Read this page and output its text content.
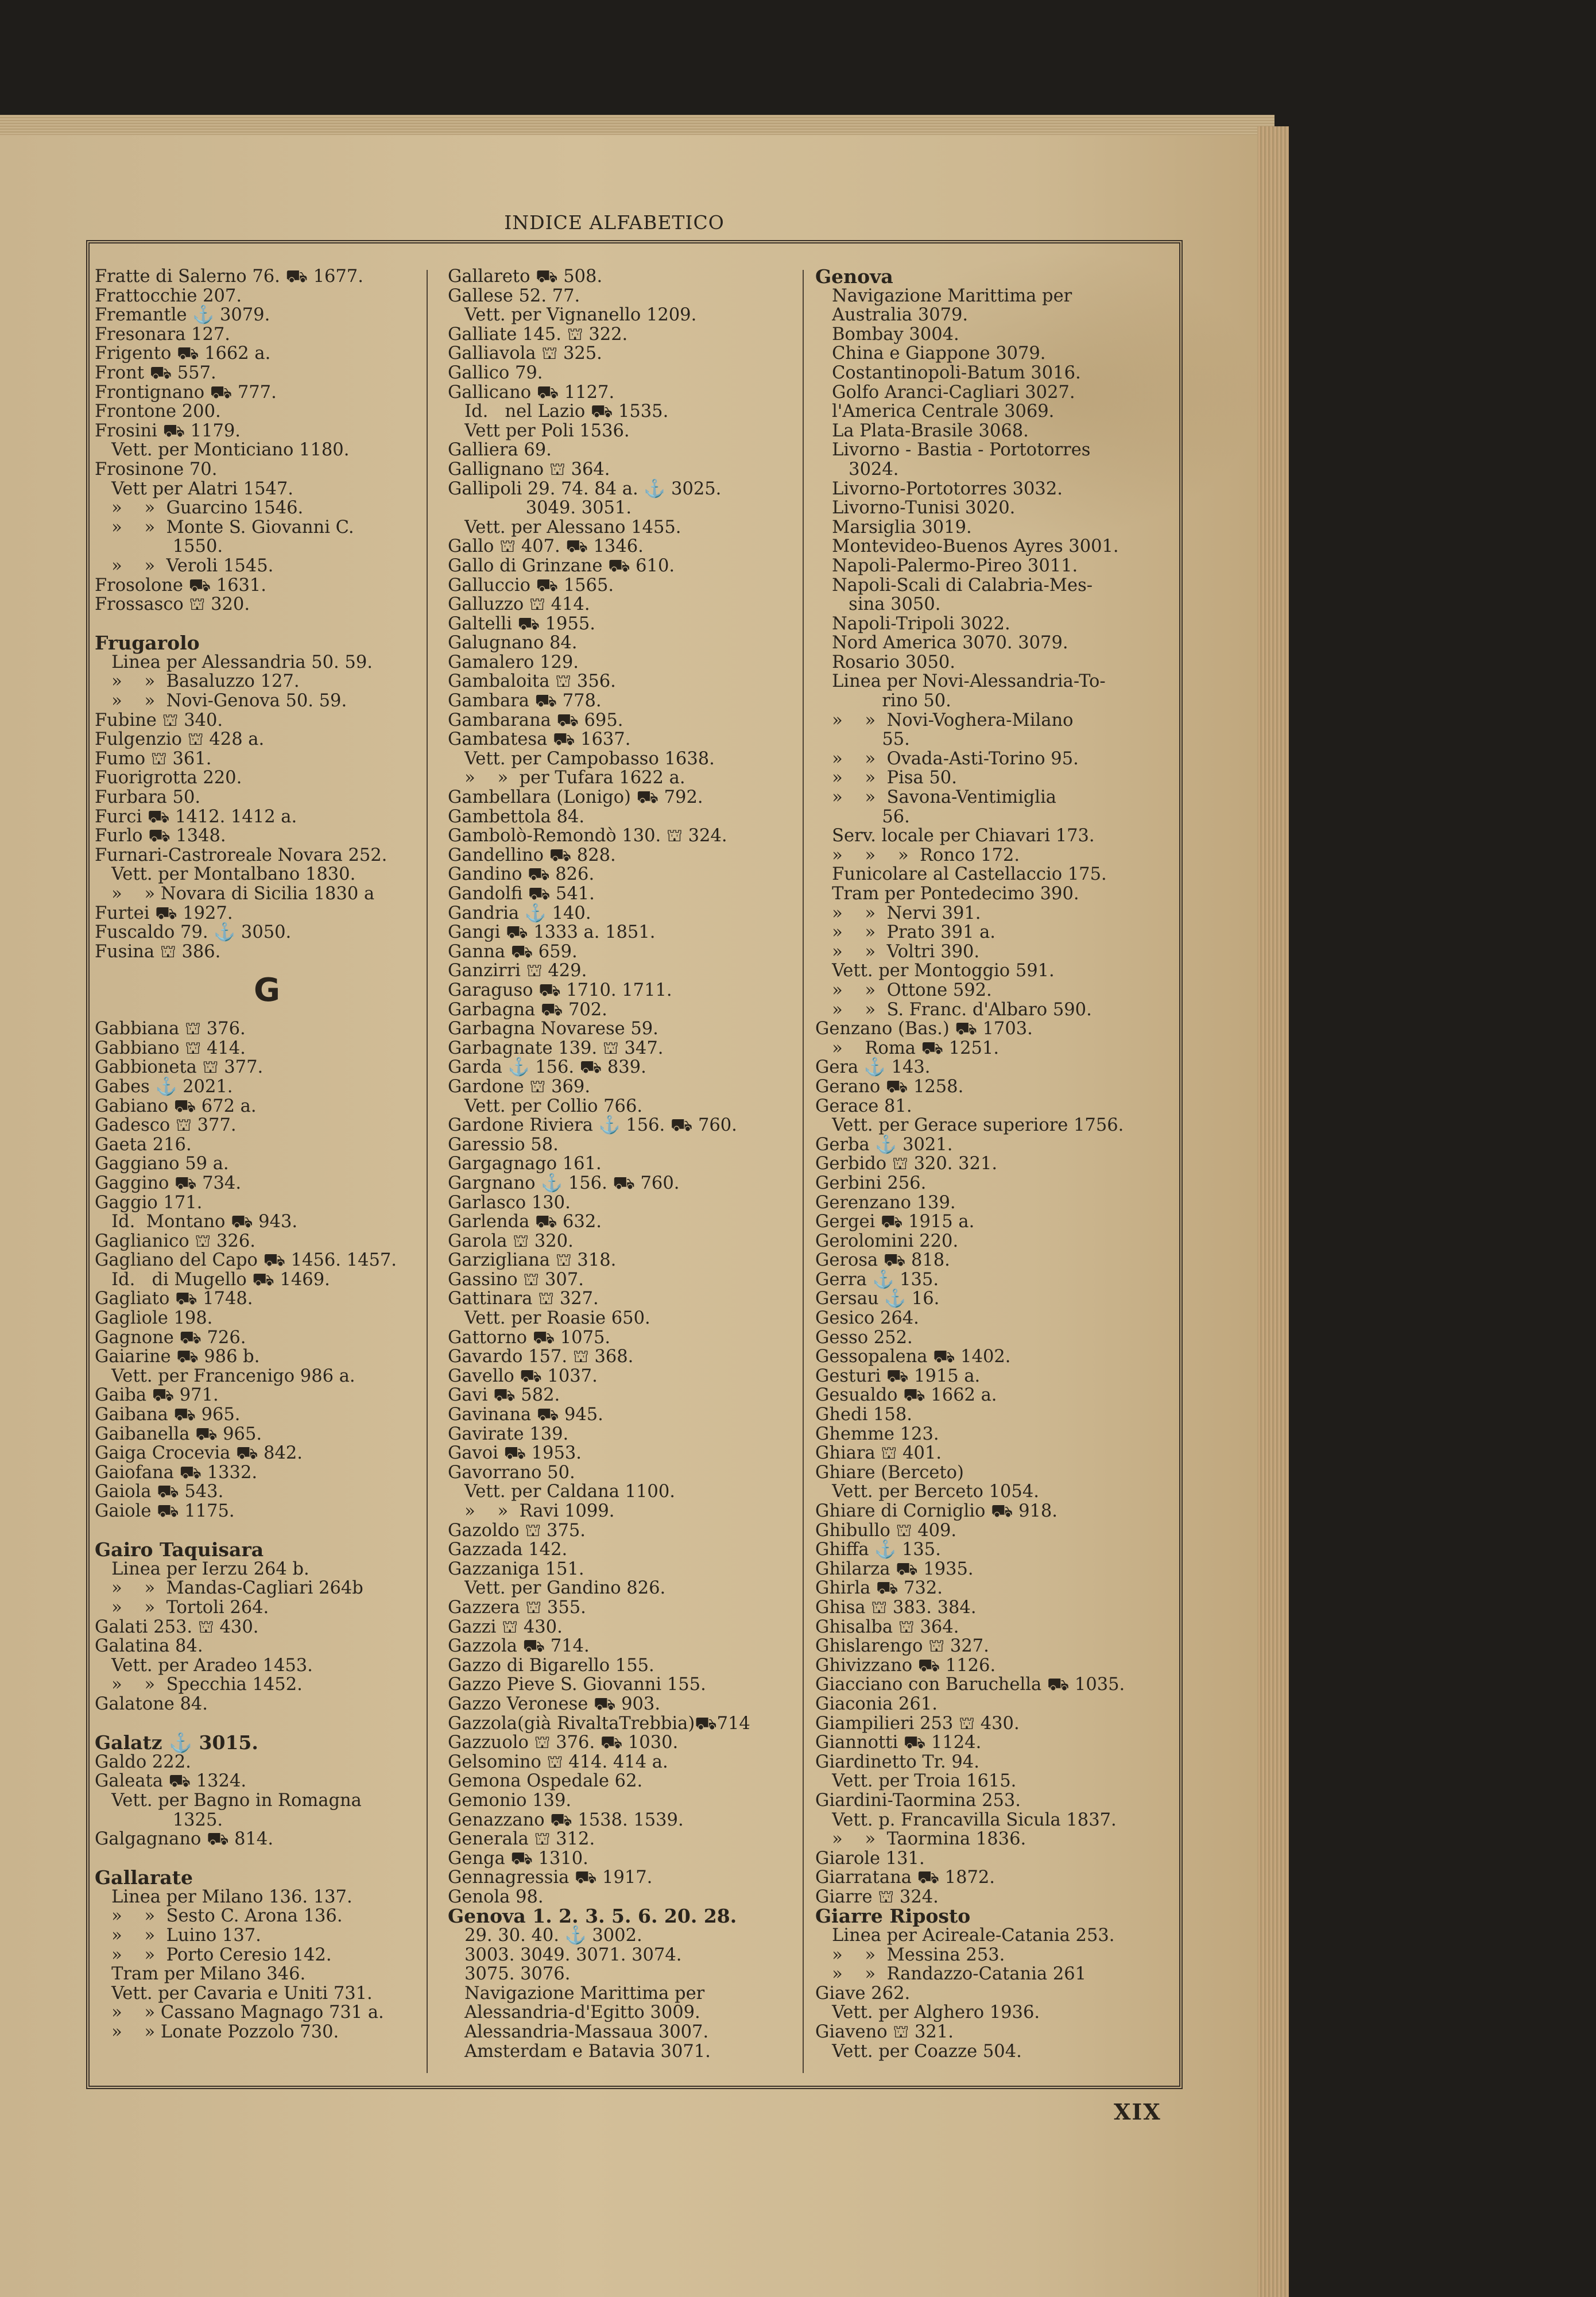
INDICE ALFABETICO
Fratte di Salerno 76. ⛟ 1677.
Frattocchie 207.
Fremantle ⚓ 3079.
Fresonara 127.
Frigento ⛟ 1662 a.
Front ⛟ 557.
Frontignano ⛟ 777.
Frontone 200.
Frosini ⛟ 1179.
Vett. per Monticiano 1180.
Frosinone 70.
Vett per Alatri 1547.
»    »  Guarcino 1546.
»    »  Monte S. Giovanni C.
1550.
»    »  Veroli 1545.
Frosolone ⛟ 1631.
Frossasco ⛫ 320.
Frugarolo
Linea per Alessandria 50. 59.
»    »  Basaluzzo 127.
»    »  Novi-Genova 50. 59.
Fubine ⛫ 340.
Fulgenzio ⛫ 428 a.
Fumo ⛫ 361.
Fuorigrotta 220.
Furbara 50.
Furci ⛟ 1412. 1412 a.
Furlo ⛟ 1348.
Furnari-Castroreale Novara 252.
Vett. per Montalbano 1830.
»    » Novara di Sicilia 1830 a
Furtei ⛟ 1927.
Fuscaldo 79. ⚓ 3050.
Fusina ⛫ 386.
G
Gabbiana ⛫ 376.
Gabbiano ⛫ 414.
Gabbioneta ⛫ 377.
Gabes ⚓ 2021.
Gabiano ⛟ 672 a.
Gadesco ⛫ 377.
Gaeta 216.
Gaggiano 59 a.
Gaggino ⛟ 734.
Gaggio 171.
Id.  Montano ⛟ 943.
Gaglianico ⛫ 326.
Gagliano del Capo ⛟ 1456. 1457.
Id.   di Mugello ⛟ 1469.
Gagliato ⛟ 1748.
Gagliole 198.
Gagnone ⛟ 726.
Gaiarine ⛟ 986 b.
Vett. per Francenigo 986 a.
Gaiba ⛟ 971.
Gaibana ⛟ 965.
Gaibanella ⛟ 965.
Gaiga Crocevia ⛟ 842.
Gaiofana ⛟ 1332.
Gaiola ⛟ 543.
Gaiole ⛟ 1175.
Gairo Taquisara
Linea per Ierzu 264 b.
»    »  Mandas-Cagliari 264b
»    »  Tortoli 264.
Galati 253. ⛫ 430.
Galatina 84.
Vett. per Aradeo 1453.
»    »  Specchia 1452.
Galatone 84.
Galatz ⚓ 3015.
Galdo 222.
Galeata ⛟ 1324.
Vett. per Bagno in Romagna
1325.
Galgagnano ⛟ 814.
Gallarate
Linea per Milano 136. 137.
»    »  Sesto C. Arona 136.
»    »  Luino 137.
»    »  Porto Ceresio 142.
Tram per Milano 346.
Vett. per Cavaria e Uniti 731.
»    » Cassano Magnago 731 a.
»    » Lonate Pozzolo 730.
Gallareto ⛟ 508.
Gallese 52. 77.
Vett. per Vignanello 1209.
Galliate 145. ⛫ 322.
Galliavola ⛫ 325.
Gallico 79.
Gallicano ⛟ 1127.
Id.   nel Lazio ⛟ 1535.
Vett per Poli 1536.
Galliera 69.
Gallignano ⛫ 364.
Gallipoli 29. 74. 84 a. ⚓ 3025.
3049. 3051.
Vett. per Alessano 1455.
Gallo ⛫ 407. ⛟ 1346.
Gallo di Grinzane ⛟ 610.
Galluccio ⛟ 1565.
Galluzzo ⛫ 414.
Galtelli ⛟ 1955.
Galugnano 84.
Gamalero 129.
Gambaloita ⛫ 356.
Gambara ⛟ 778.
Gambarana ⛟ 695.
Gambatesa ⛟ 1637.
Vett. per Campobasso 1638.
»    »  per Tufara 1622 a.
Gambellara (Lonigo) ⛟ 792.
Gambettola 84.
Gambolò-Remondò 130. ⛫ 324.
Gandellino ⛟ 828.
Gandino ⛟ 826.
Gandolfi ⛟ 541.
Gandria ⚓ 140.
Gangi ⛟ 1333 a. 1851.
Ganna ⛟ 659.
Ganzirri ⛫ 429.
Garaguso ⛟ 1710. 1711.
Garbagna ⛟ 702.
Garbagna Novarese 59.
Garbagnate 139. ⛫ 347.
Garda ⚓ 156. ⛟ 839.
Gardone ⛫ 369.
Vett. per Collio 766.
Gardone Riviera ⚓ 156. ⛟ 760.
Garessio 58.
Gargagnago 161.
Gargnano ⚓ 156. ⛟ 760.
Garlasco 130.
Garlenda ⛟ 632.
Garola ⛫ 320.
Garzigliana ⛫ 318.
Gassino ⛫ 307.
Gattinara ⛫ 327.
Vett. per Roasie 650.
Gattorno ⛟ 1075.
Gavardo 157. ⛫ 368.
Gavello ⛟ 1037.
Gavi ⛟ 582.
Gavinana ⛟ 945.
Gavirate 139.
Gavoi ⛟ 1953.
Gavorrano 50.
Vett. per Caldana 1100.
»    »  Ravi 1099.
Gazoldo ⛫ 375.
Gazzada 142.
Gazzaniga 151.
Vett. per Gandino 826.
Gazzera ⛫ 355.
Gazzi ⛫ 430.
Gazzola ⛟ 714.
Gazzo di Bigarello 155.
Gazzo Pieve S. Giovanni 155.
Gazzo Veronese ⛟ 903.
Gazzola(già RivaltaTrebbia)⛟714
Gazzuolo ⛫ 376. ⛟ 1030.
Gelsomino ⛫ 414. 414 a.
Gemona Ospedale 62.
Gemonio 139.
Genazzano ⛟ 1538. 1539.
Generala ⛫ 312.
Genga ⛟ 1310.
Gennagressia ⛟ 1917.
Genola 98.
Genova 1. 2. 3. 5. 6. 20. 28.
29. 30. 40. ⚓ 3002.
3003. 3049. 3071. 3074.
3075. 3076.
Navigazione Marittima per
Alessandria-d'Egitto 3009.
Alessandria-Massaua 3007.
Amsterdam e Batavia 3071.
Genova
Navigazione Marittima per
Australia 3079.
Bombay 3004.
China e Giappone 3079.
Costantinopoli-Batum 3016.
Golfo Aranci-Cagliari 3027.
l'America Centrale 3069.
La Plata-Brasile 3068.
Livorno - Bastia - Portotorres
3024.
Livorno-Portotorres 3032.
Livorno-Tunisi 3020.
Marsiglia 3019.
Montevideo-Buenos Ayres 3001.
Napoli-Palermo-Pireo 3011.
Napoli-Scali di Calabria-Mes-
sina 3050.
Napoli-Tripoli 3022.
Nord America 3070. 3079.
Rosario 3050.
Linea per Novi-Alessandria-To-
rino 50.
»    »  Novi-Voghera-Milano
55.
»    »  Ovada-Asti-Torino 95.
»    »  Pisa 50.
»    »  Savona-Ventimiglia
56.
Serv. locale per Chiavari 173.
»    »    »  Ronco 172.
Funicolare al Castellaccio 175.
Tram per Pontedecimo 390.
»    »  Nervi 391.
»    »  Prato 391 a.
»    »  Voltri 390.
Vett. per Montoggio 591.
»    »  Ottone 592.
»    »  S. Franc. d'Albaro 590.
Genzano (Bas.) ⛟ 1703.
»    Roma ⛟ 1251.
Gera ⚓ 143.
Gerano ⛟ 1258.
Gerace 81.
Vett. per Gerace superiore 1756.
Gerba ⚓ 3021.
Gerbido ⛫ 320. 321.
Gerbini 256.
Gerenzano 139.
Gergei ⛟ 1915 a.
Gerolomini 220.
Gerosa ⛟ 818.
Gerra ⚓ 135.
Gersau ⚓ 16.
Gesico 264.
Gesso 252.
Gessopalena ⛟ 1402.
Gesturi ⛟ 1915 a.
Gesualdo ⛟ 1662 a.
Ghedi 158.
Ghemme 123.
Ghiara ⛫ 401.
Ghiare (Berceto)
Vett. per Berceto 1054.
Ghiare di Corniglio ⛟ 918.
Ghibullo ⛫ 409.
Ghiffa ⚓ 135.
Ghilarza ⛟ 1935.
Ghirla ⛟ 732.
Ghisa ⛫ 383. 384.
Ghisalba ⛫ 364.
Ghislarengo ⛫ 327.
Ghivizzano ⛟ 1126.
Giacciano con Baruchella ⛟ 1035.
Giaconia 261.
Giampilieri 253 ⛫ 430.
Giannotti ⛟ 1124.
Giardinetto Tr. 94.
Vett. per Troia 1615.
Giardini-Taormina 253.
Vett. p. Francavilla Sicula 1837.
»    »  Taormina 1836.
Giarole 131.
Giarratana ⛟ 1872.
Giarre ⛫ 324.
Giarre Riposto
Linea per Acireale-Catania 253.
»    »  Messina 253.
»    »  Randazzo-Catania 261
Giave 262.
Vett. per Alghero 1936.
Giaveno ⛫ 321.
Vett. per Coazze 504.
XIX
